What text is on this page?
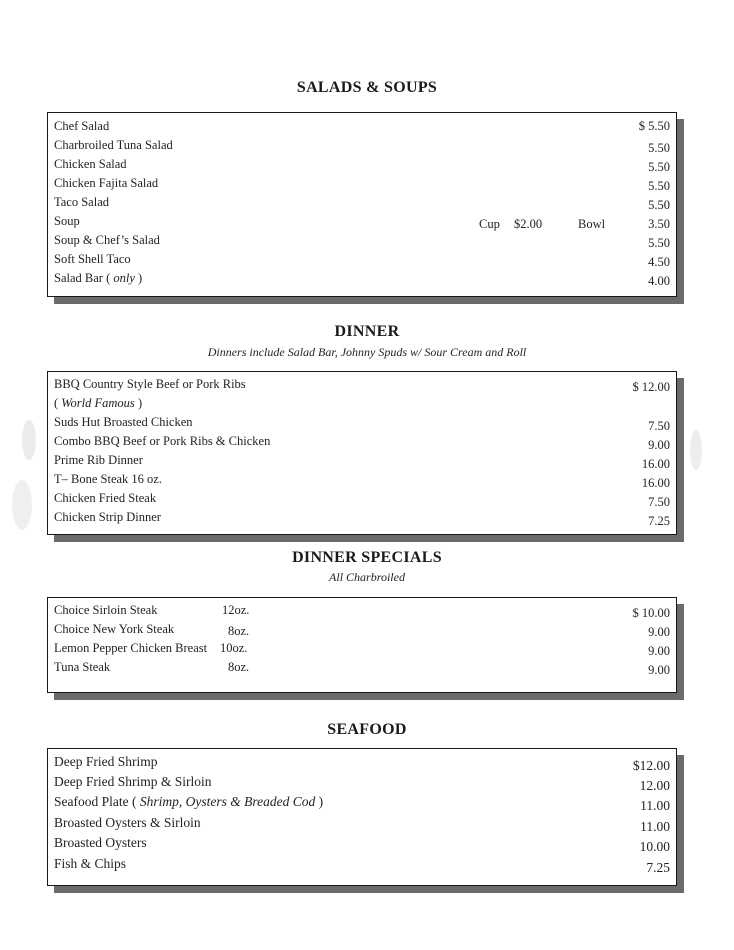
SALADS & SOUPS
Chef Salad	$ 5.50
Charbroiled Tuna Salad	5.50
Chicken Salad	5.50
Chicken Fajita Salad	5.50
Taco Salad	5.50
Soup	Cup $2.00	Bowl	3.50
Soup & Chef’s Salad	5.50
Soft Shell Taco	4.50
Salad Bar ( only )	4.00
DINNER
Dinners include Salad Bar, Johnny Spuds w/ Sour Cream and Roll
BBQ Country Style Beef or Pork Ribs	$ 12.00
( World Famous )
Suds Hut Broasted Chicken	7.50
Combo BBQ Beef or Pork Ribs & Chicken	9.00
Prime Rib Dinner	16.00
T– Bone Steak 16 oz.	16.00
Chicken Fried Steak	7.50
Chicken Strip Dinner	7.25
DINNER SPECIALS
All Charbroiled
Choice Sirloin Steak	12oz.	$ 10.00
Choice New York Steak	8oz.	9.00
Lemon Pepper Chicken Breast 10oz.	9.00
Tuna Steak	8oz.	9.00
SEAFOOD
Deep Fried Shrimp	$12.00
Deep Fried Shrimp & Sirloin	12.00
Seafood Plate ( Shrimp, Oysters & Breaded Cod )	11.00
Broasted Oysters & Sirloin	11.00
Broasted Oysters	10.00
Fish & Chips	7.25
